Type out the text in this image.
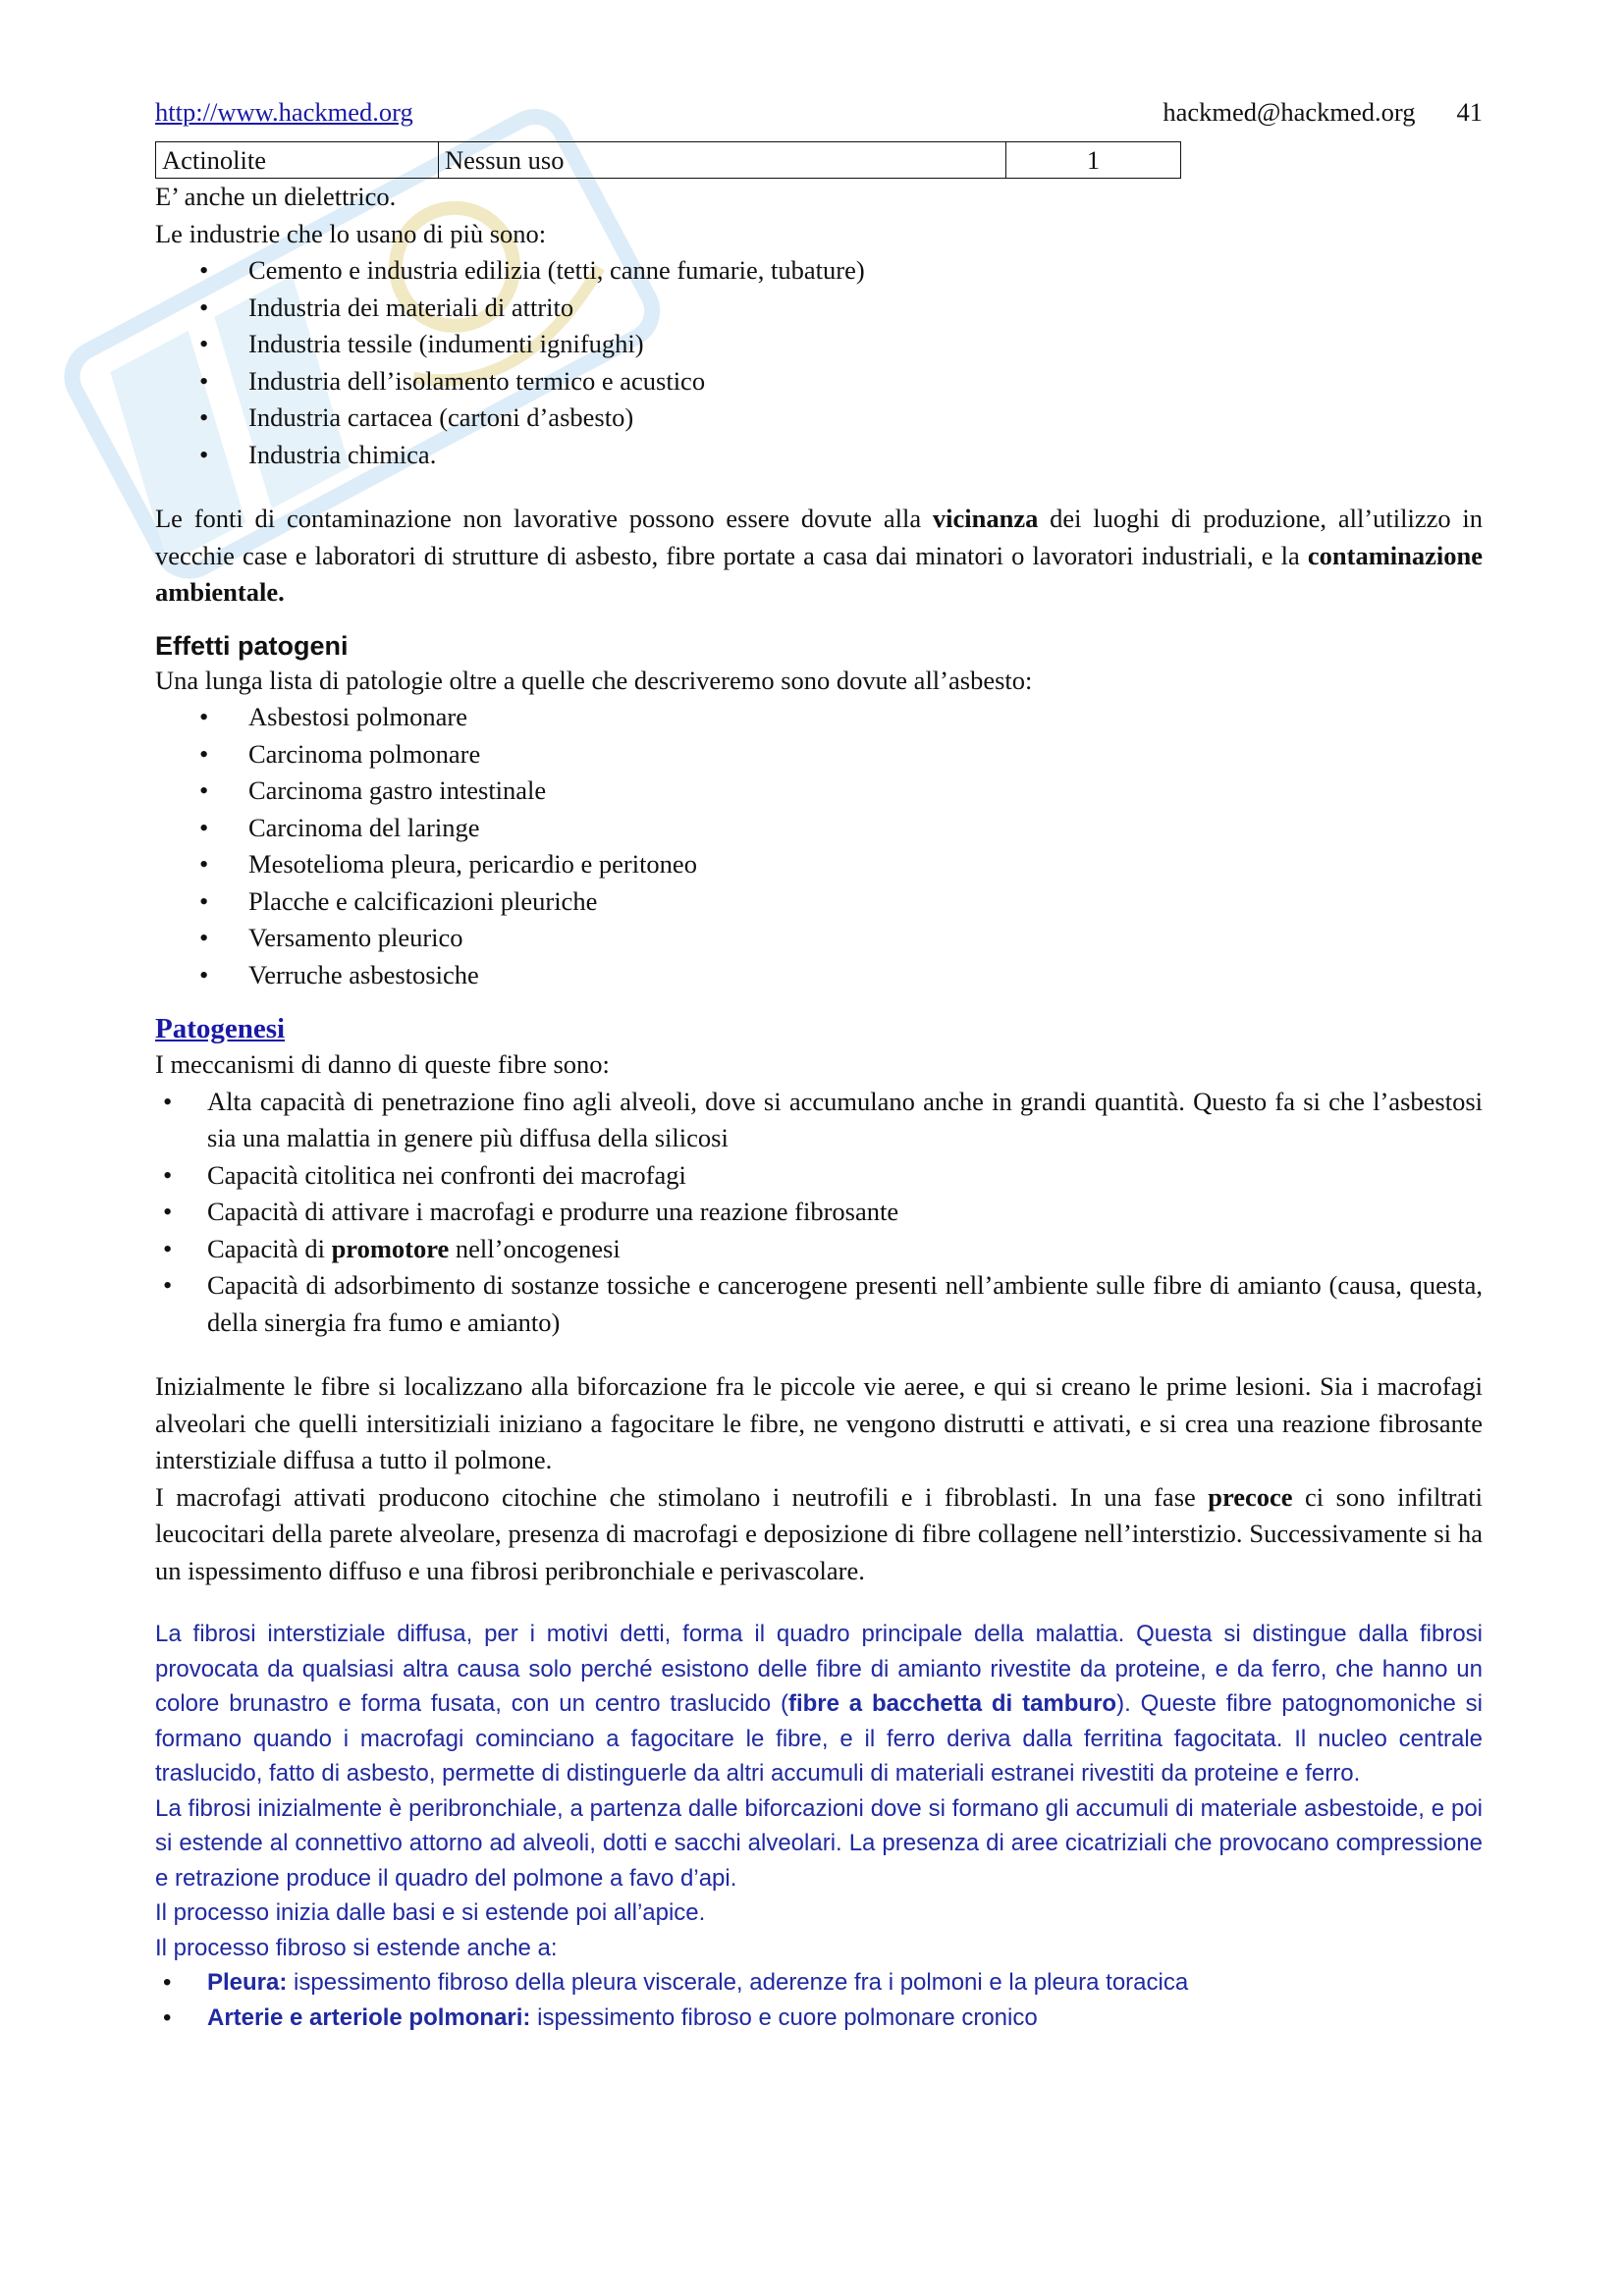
http://www.hackmed.org	hackmed@hackmed.org 41
Actinolite	Nessun uso	1

E’ anche un dielettrico.

Le industrie che lo usano di più sono:

• Cemento e industria edilizia (tetti, canne fumarie, tubature)
• Industria dei materiali di attrito
• Industria tessile (indumenti ignifughi)
• Industria dell’isolamento termico e acustico
• Industria cartacea (cartoni d’asbesto)
• Industria chimica.

Le fonti di contaminazione non lavorative possono essere dovute alla vicinanza dei luoghi di produzione, all’utilizzo in vecchie case e laboratori di strutture di asbesto, fibre portate a casa dai minatori o lavoratori industriali, e la contaminazione ambientale.

Effetti patogeni

Una lunga lista di patologie oltre a quelle che descriveremo sono dovute all’asbesto:

• Asbestosi polmonare
• Carcinoma polmonare
• Carcinoma gastro intestinale
• Carcinoma del laringe
• Mesotelioma pleura, pericardio e peritoneo
• Placche e calcificazioni pleuriche
• Versamento pleurico
• Verruche asbestosiche
Patogenesi

I meccanismi di danno di queste fibre sono:

• Alta capacità di penetrazione fino agli alveoli, dove si accumulano anche in grandi quantità. Questo fa si che l’asbestosi sia una malattia in genere più diffusa della silicosi
• Capacità citolitica nei confronti dei macrofagi
• Capacità di attivare i macrofagi e produrre una reazione fibrosante
• Capacità di promotore nell’oncogenesi
• Capacità di adsorbimento di sostanze tossiche e cancerogene presenti nell’ambiente sulle fibre di amianto (causa, questa, della sinergia fra fumo e amianto)

Inizialmente le fibre si localizzano alla biforcazione fra le piccole vie aeree, e qui si creano le prime lesioni. Sia i macrofagi alveolari che quelli intersitiziali iniziano a fagocitare le fibre, ne vengono distrutti e attivati, e si crea una reazione fibrosante interstiziale diffusa a tutto il polmone.

I macrofagi attivati producono citochine che stimolano i neutrofili e i fibroblasti. In una fase precoce ci sono infiltrati leucocitari della parete alveolare, presenza di macrofagi e deposizione di fibre collagene nell’interstizio. Successivamente si ha un ispessimento diffuso e una fibrosi peribronchiale e perivascolare.

La fibrosi interstiziale diffusa, per i motivi detti, forma il quadro principale della malattia. Questa si distingue dalla fibrosi provocata da qualsiasi altra causa solo perché esistono delle fibre di amianto rivestite da proteine, e da ferro, che hanno un colore brunastro e forma fusata, con un centro traslucido (fibre a bacchetta di tamburo). Queste fibre patognomoniche si formano quando i macrofagi cominciano a fagocitare le fibre, e il ferro deriva dalla ferritina fagocitata. Il nucleo centrale traslucido, fatto di asbesto, permette di distinguerle da altri accumuli di materiali estranei rivestiti da proteine e ferro.

La fibrosi inizialmente è peribronchiale, a partenza dalle biforcazioni dove si formano gli accumuli di materiale asbestoide, e poi si estende al connettivo attorno ad alveoli, dotti e sacchi alveolari. La presenza di aree cicatriziali che provocano compressione e retrazione produce il quadro del polmone a favo d’api.

Il processo inizia dalle basi e si estende poi all’apice.

Il processo fibroso si estende anche a:

• Pleura: ispessimento fibroso della pleura viscerale, aderenze fra i polmoni e la pleura toracica
• Arterie e arteriole polmonari: ispessimento fibroso e cuore polmonare cronico
